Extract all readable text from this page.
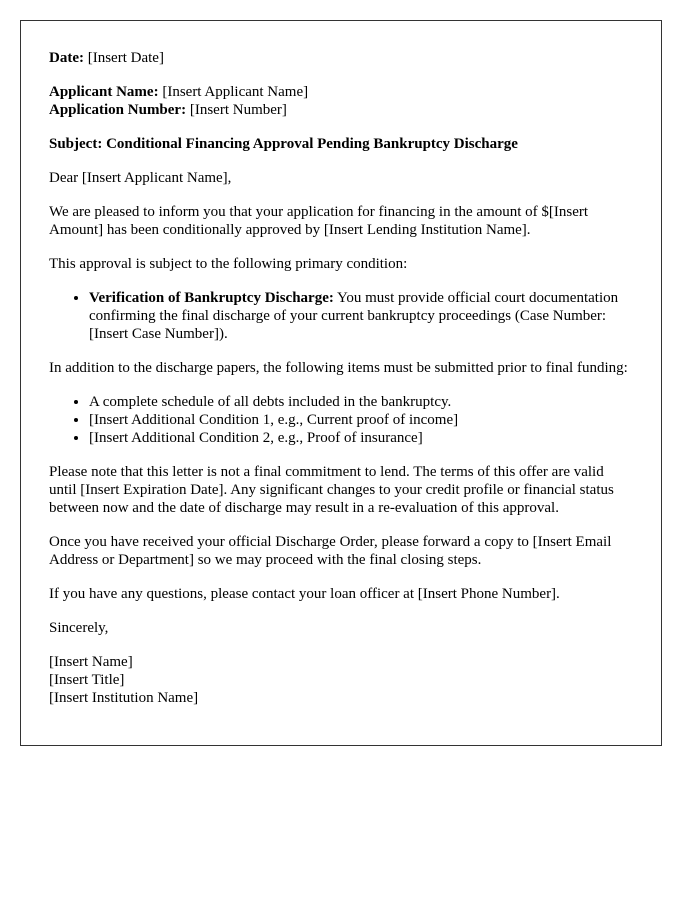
Date: [Insert Date]

Applicant Name: [Insert Applicant Name]
Application Number: [Insert Number]

Subject: Conditional Financing Approval Pending Bankruptcy Discharge

Dear [Insert Applicant Name],

We are pleased to inform you that your application for financing in the amount of $[Insert Amount] has been conditionally approved by [Insert Lending Institution Name].

This approval is subject to the following primary condition:

• Verification of Bankruptcy Discharge: You must provide official court documentation confirming the final discharge of your current bankruptcy proceedings (Case Number: [Insert Case Number]).

In addition to the discharge papers, the following items must be submitted prior to final funding:

• A complete schedule of all debts included in the bankruptcy.
• [Insert Additional Condition 1, e.g., Current proof of income]
• [Insert Additional Condition 2, e.g., Proof of insurance]

Please note that this letter is not a final commitment to lend. The terms of this offer are valid until [Insert Expiration Date]. Any significant changes to your credit profile or financial status between now and the date of discharge may result in a re-evaluation of this approval.

Once you have received your official Discharge Order, please forward a copy to [Insert Email Address or Department] so we may proceed with the final closing steps.

If you have any questions, please contact your loan officer at [Insert Phone Number].

Sincerely,

[Insert Name]
[Insert Title]
[Insert Institution Name]
